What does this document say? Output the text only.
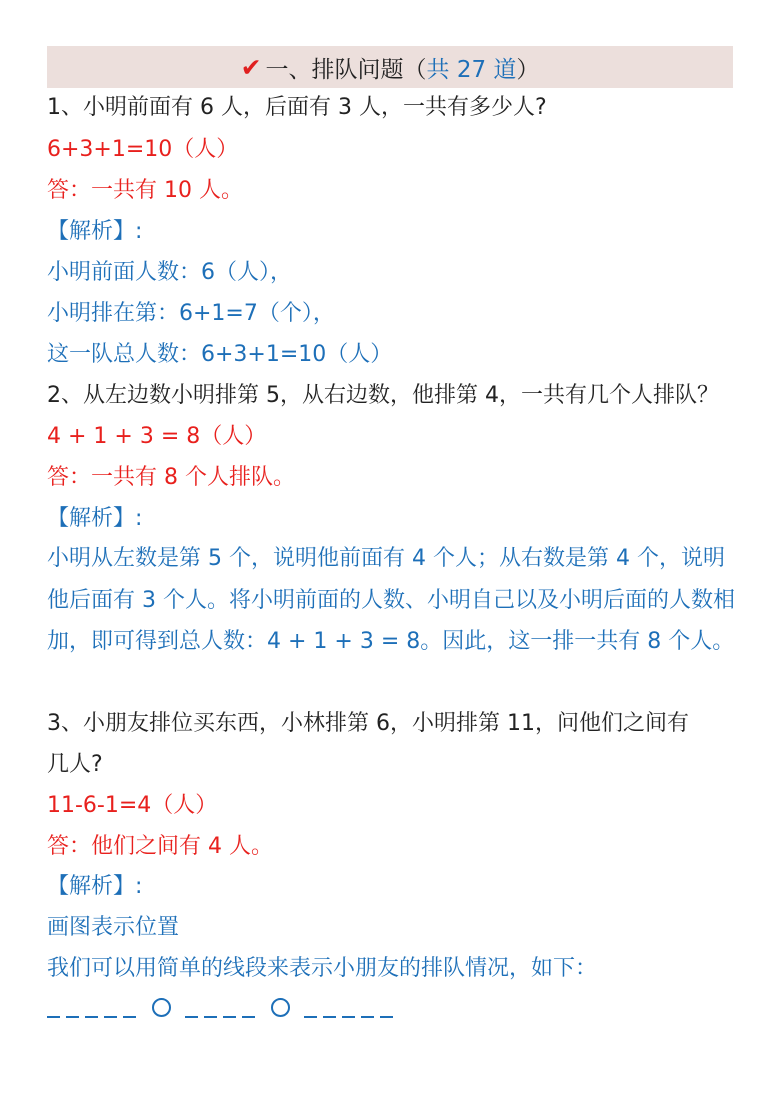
✔ 一、排队问题（ 共 27 道 ）
1、小明前面有 6 人，后面有 3 人，一共有多少人?
6+3+1=10（人）
答：一共有 10 人。
【解析】:
小明前面人数：6（人），
小明排在第：6+1=7（个），
这一队总人数：6+3+1=10（人）
2、从左边数小明排第 5，从右边数，他排第 4，一共有几个人排队？
4 + 1 + 3 = 8（人）
答：一共有 8 个人排队。
【解析】:
小明从左数是第 5 个，说明他前面有 4 个人；从右数是第 4 个，说明他后面有 3 个人。将小明前面的人数、小明自己以及小明后面的人数相加，即可得到总人数：4 + 1 + 3 = 8。因此，这一排一共有 8 个人。
3、小朋友排位买东西，小林排第 6，小明排第 11，问他们之间有
几人?
11-6-1=4（人）
答：他们之间有 4 人。
【解析】:
画图表示位置
我们可以用简单的线段来表示小朋友的排队情况，如下：
